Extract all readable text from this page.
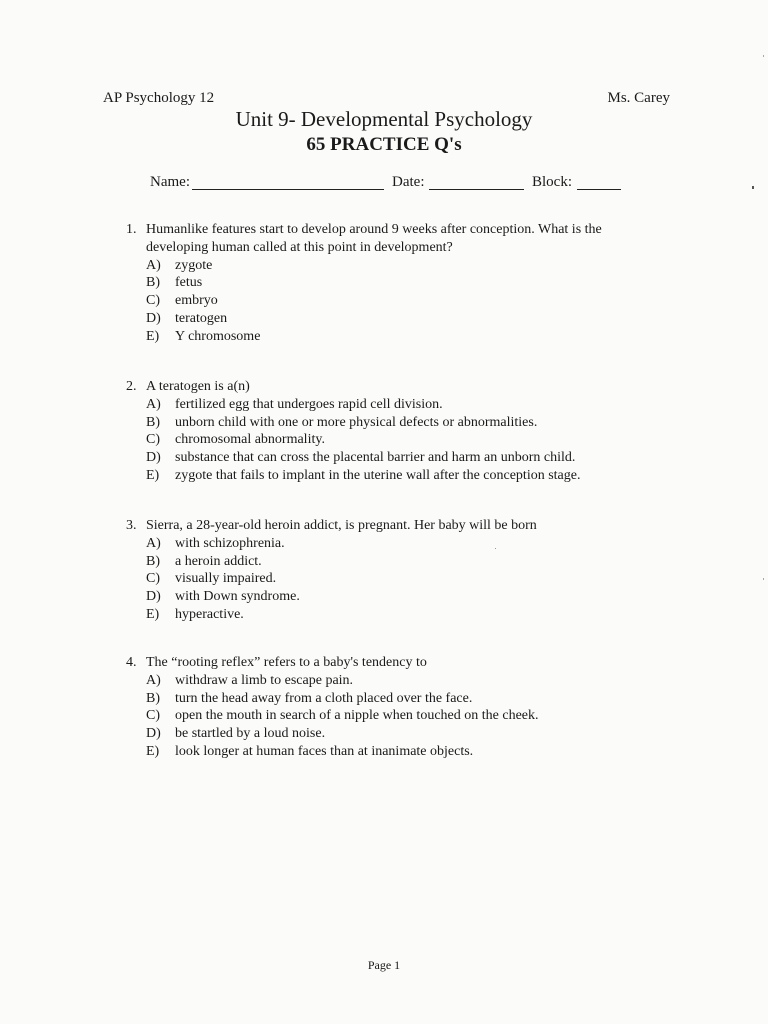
AP Psychology 12	Ms. Carey
Unit 9- Developmental Psychology
65 PRACTICE Q's
Name:	Date:	Block:
1. Humanlike features start to develop around 9 weeks after conception. What is the developing human called at this point in development?
A)	zygote
B)	fetus
C)	embryo
D)	teratogen
E)	Y chromosome
2. A teratogen is a(n)
A)	fertilized egg that undergoes rapid cell division.
B)	unborn child with one or more physical defects or abnormalities.
C)	chromosomal abnormality.
D)	substance that can cross the placental barrier and harm an unborn child.
E)	zygote that fails to implant in the uterine wall after the conception stage.
3. Sierra, a 28-year-old heroin addict, is pregnant. Her baby will be born
A)	with schizophrenia.
B)	a heroin addict.
C)	visually impaired.
D)	with Down syndrome.
E)	hyperactive.
4. The “rooting reflex” refers to a baby's tendency to
A)	withdraw a limb to escape pain.
B)	turn the head away from a cloth placed over the face.
C)	open the mouth in search of a nipple when touched on the cheek.
D)	be startled by a loud noise.
E)	look longer at human faces than at inanimate objects.
Page 1
